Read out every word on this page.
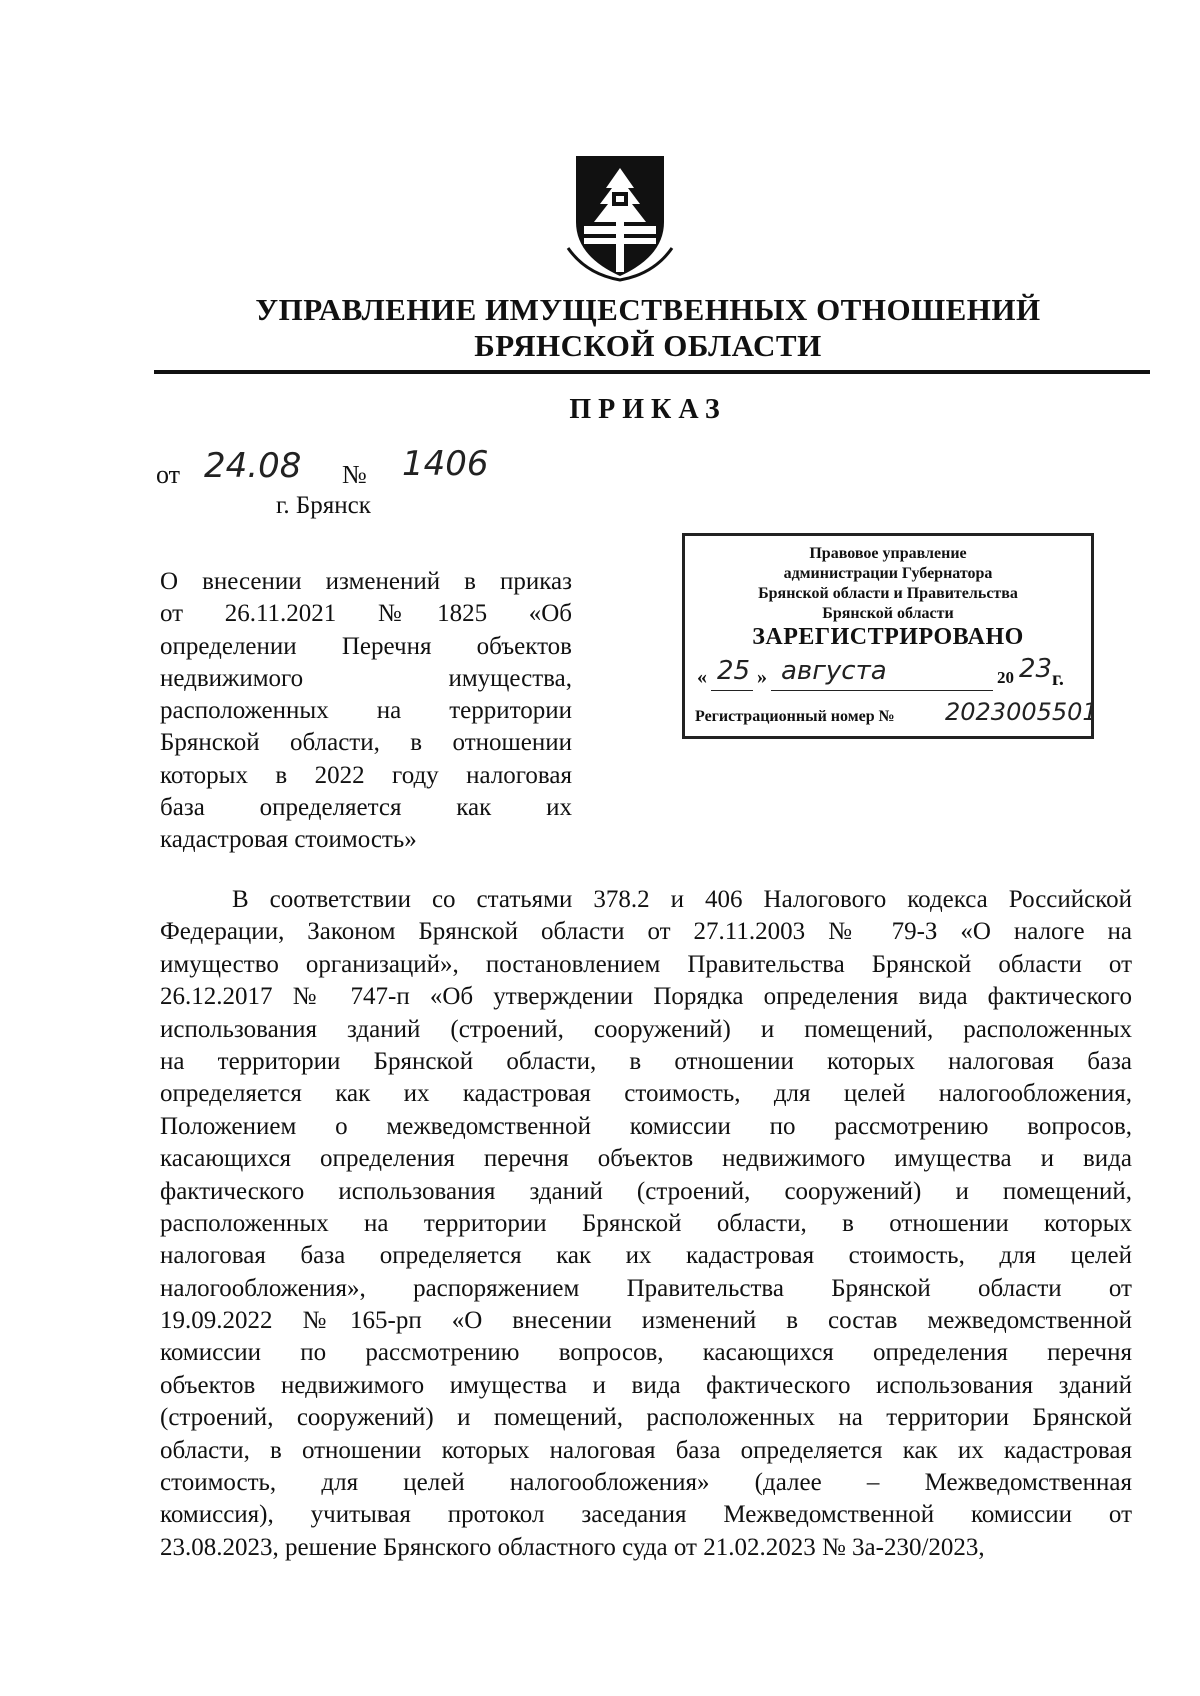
УПРАВЛЕНИЕ ИМУЩЕСТВЕННЫХ ОТНОШЕНИЙ
БРЯНСКОЙ ОБЛАСТИ
ПРИКАЗ
от 24.08 № 1406
г. Брянск
Правовое управление
администрации Губернатора
Брянской области и Правительства
Брянской области
ЗАРЕГИСТРИРОВАНО
« 25 » августа	20 23 г.
Регистрационный номер № 2023005501
О внесении изменений в приказ
от 26.11.2021 №1825 «Об
определении Перечня объектов
недвижимого имущества,
расположенных на территории
Брянской области, в отношении
которых в 2022 году налоговая
база определяется как их
кадастровая стоимость»
В соответствии со статьями 378.2 и 406 Налогового кодекса Российской
Федерации, Законом Брянской области от 27.11.2003 № 79-З «О налоге на
имущество организаций», постановлением Правительства Брянской области от
26.12.2017 № 747-п «Об утверждении Порядка определения вида фактического
использования зданий (строений, сооружений) и помещений, расположенных
на территории Брянской области, в отношении которых налоговая база
определяется как их кадастровая стоимость, для целей налогообложения,
Положением о межведомственной комиссии по рассмотрению вопросов,
касающихся определения перечня объектов недвижимого имущества и вида
фактического использования зданий (строений, сооружений) и помещений,
расположенных на территории Брянской области, в отношении которых
налоговая база определяется как их кадастровая стоимость, для целей
налогообложения», распоряжением Правительства Брянской области от
19.09.2022 №165-рп «О внесении изменений в состав межведомственной
комиссии по рассмотрению вопросов, касающихся определения перечня
объектов недвижимого имущества и вида фактического использования зданий
(строений, сооружений) и помещений, расположенных на территории Брянской
области, в отношении которых налоговая база определяется как их кадастровая
стоимость, для целей налогообложения» (далее – Межведомственная
комиссия), учитывая протокол заседания Межведомственной комиссии от
23.08.2023, решение Брянского областного суда от 21.02.2023 № 3а-230/2023,
